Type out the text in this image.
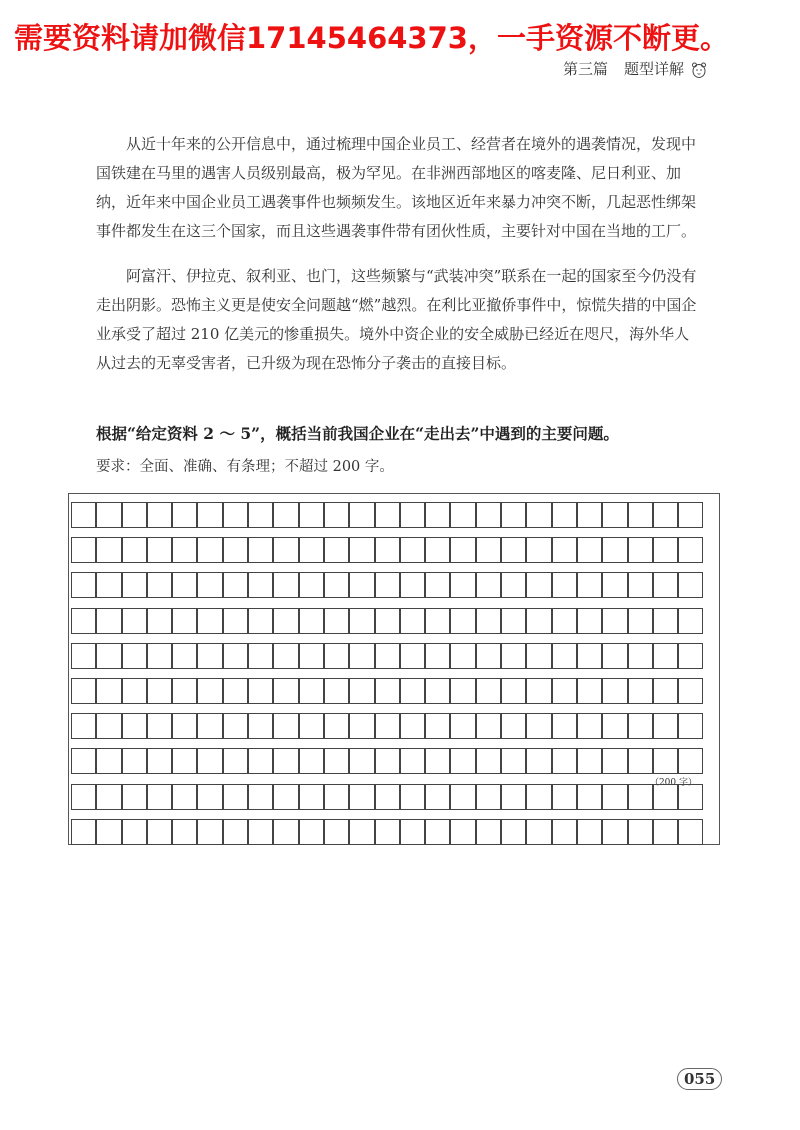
需要资料请加微信17145464373，一手资源不断更。
第三篇 题型详解

从近十年来的公开信息中，通过梳理中国企业员工、经营者在境外的遇袭情况，发现中国铁建在马里的遇害人员级别最高，极为罕见。在非洲西部地区的喀麦隆、尼日利亚、加纳，近年来中国企业员工遇袭事件也频频发生。该地区近年来暴力冲突不断，几起恶性绑架事件都发生在这三个国家，而且这些遇袭事件带有团伙性质，主要针对中国在当地的工厂。

阿富汗、伊拉克、叙利亚、也门，这些频繁与“武装冲突”联系在一起的国家至今仍没有走出阴影。恐怖主义更是使安全问题越“燃”越烈。在利比亚撤侨事件中，惊慌失措的中国企业承受了超过 210 亿美元的惨重损失。境外中资企业的安全威胁已经近在咫尺，海外华人从过去的无辜受害者，已升级为现在恐怖分子袭击的直接目标。

根据“给定资料 2 ～ 5”，概括当前我国企业在“走出去”中遇到的主要问题。
要求：全面、准确、有条理；不超过 200 字。
（200 字）
055
